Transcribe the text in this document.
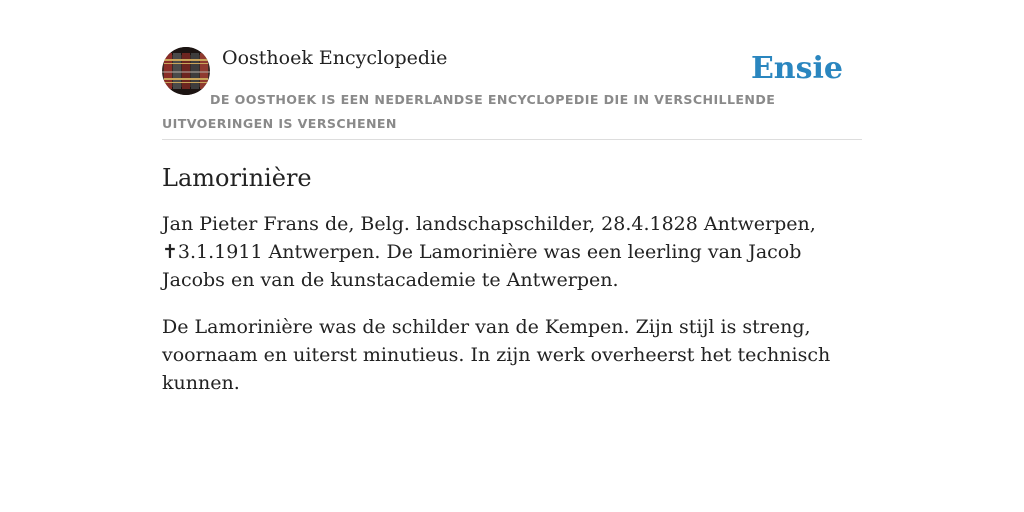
Oosthoek Encyclopedie	Ensie
DE OOSTHOEK IS EEN NEDERLANDSE ENCYCLOPEDIE DIE IN VERSCHILLENDE UITVOERINGEN IS VERSCHENEN
Lamorinière

Jan Pieter Frans de, Belg. landschapschilder, 28.4.1828 Antwerpen, ✝3.1.1911 Antwerpen. De Lamorinière was een leerling van Jacob Jacobs en van de kunstacademie te Antwerpen.

De Lamorinière was de schilder van de Kempen. Zijn stijl is streng, voornaam en uiterst minutieus. In zijn werk overheerst het technisch kunnen.
